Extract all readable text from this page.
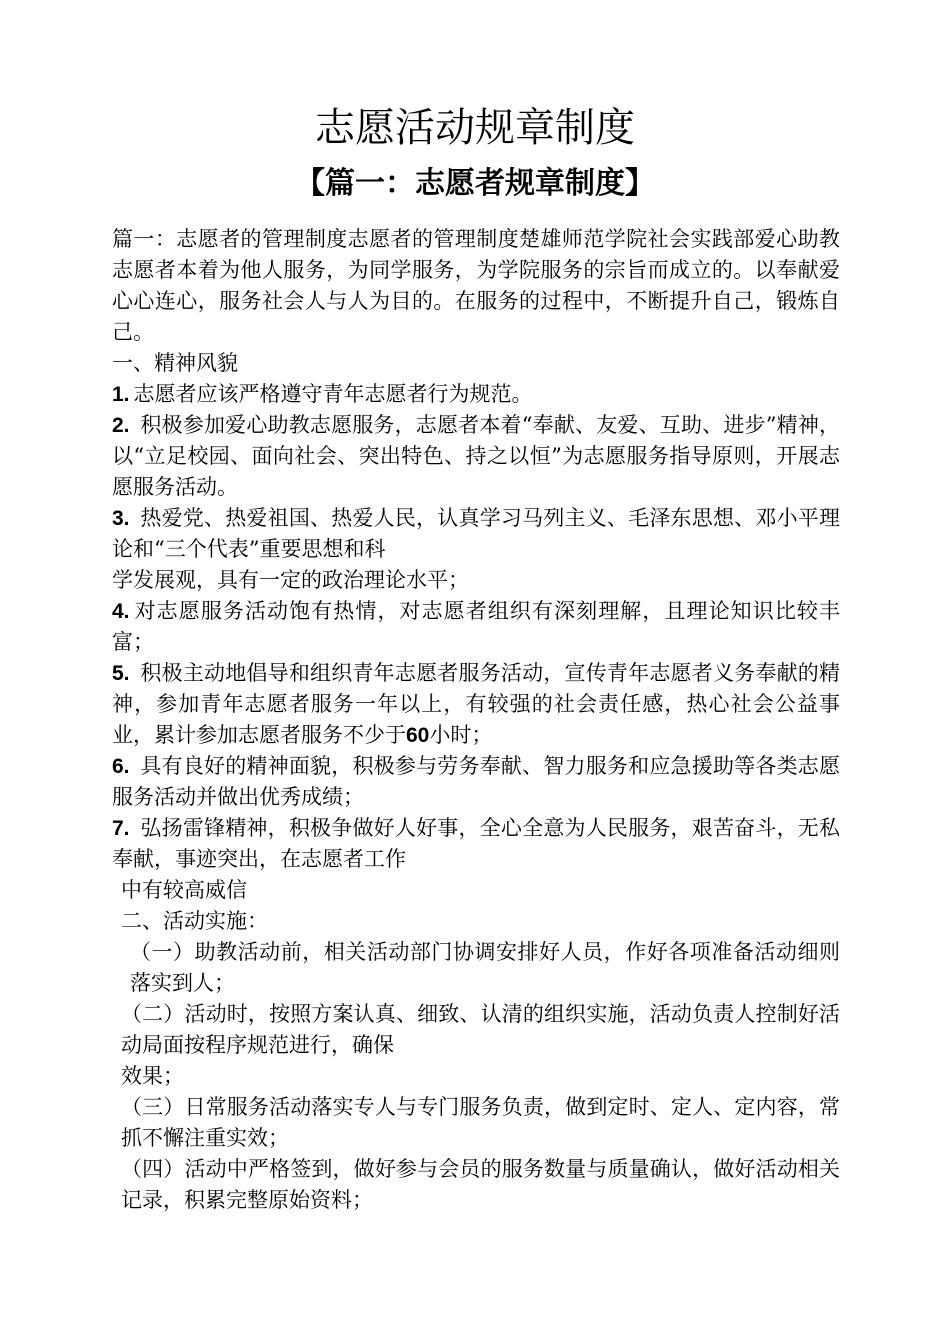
志愿活动规章制度
【篇一：志愿者规章制度】

篇一：志愿者的管理制度志愿者的管理制度楚雄师范学院社会实践部爱心助教志愿者本着为他人服务，为同学服务，为学院服务的宗旨而成立的。以奉献爱心心连心，服务社会人与人为目的。在服务的过程中，不断提升自己，锻炼自己。

一、精神风貌

1. 志愿者应该严格遵守青年志愿者行为规范。

2. 积极参加爱心助教志愿服务，志愿者本着“奉献、友爱、互助、进步”精神，以“立足校园、面向社会、突出特色、持之以恒”为志愿服务指导原则，开展志愿服务活动。

3. 热爱党、热爱祖国、热爱人民，认真学习马列主义、毛泽东思想、邓小平理论和“三个代表”重要思想和科

学发展观，具有一定的政治理论水平；

4. 对志愿服务活动饱有热情，对志愿者组织有深刻理解，且理论知识比较丰富；

5. 积极主动地倡导和组织青年志愿者服务活动，宣传青年志愿者义务奉献的精神，参加青年志愿者服务一年以上，有较强的社会责任感，热心社会公益事业，累计参加志愿者服务不少于60小时；

6. 具有良好的精神面貌，积极参与劳务奉献、智力服务和应急援助等各类志愿服务活动并做出优秀成绩；

7. 弘扬雷锋精神，积极争做好人好事，全心全意为人民服务，艰苦奋斗，无私奉献，事迹突出，在志愿者工作

中有较高威信

二、活动实施：

（一）助教活动前，相关活动部门协调安排好人员，作好各项准备活动细则落实到人；

（二）活动时，按照方案认真、细致、认清的组织实施，活动负责人控制好活动局面按程序规范进行，确保

效果；

（三）日常服务活动落实专人与专门服务负责，做到定时、定人、定内容，常抓不懈注重实效；

（四）活动中严格签到，做好参与会员的服务数量与质量确认，做好活动相关记录，积累完整原始资料；
